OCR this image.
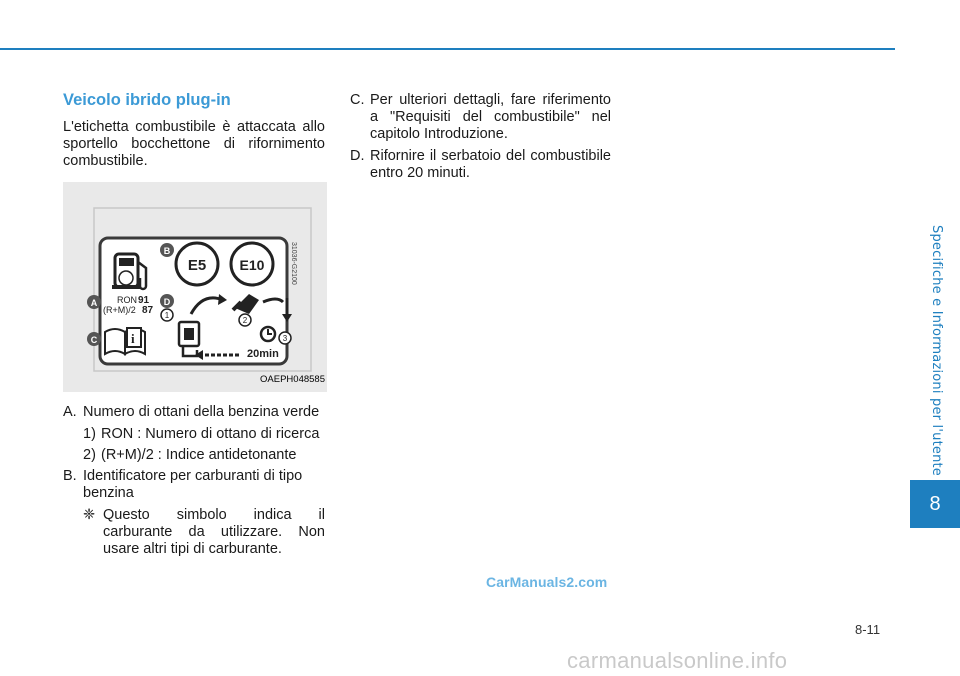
Veicolo ibrido plug-in

L'etichetta combustibile è attaccata allo sportello bocchettone di rifornimento combustibile.

RON 91
(R+M)/2 87
i
E5 E10	31036-G2100
1
2
3
20min
A
B
C
D
OAEPH048585
A. Numero di ottani della benzina verde
1) RON : Numero di ottano di ricerca
2) (R+M)/2 : Indice antidetonante
B. Identificatore per carburanti di tipo benzina
❈ Questo simbolo indica il carburante da utilizzare. Non usare altri tipi di carburante.
C. Per ulteriori dettagli, fare riferimento a "Requisiti del combustibile" nel capitolo Introduzione.
D. Rifornire il serbatoio del combustibile entro 20 minuti.
Specifiche e Informazioni per l'utente
8
CarManuals2.com
8-11
carmanualsonline.info
